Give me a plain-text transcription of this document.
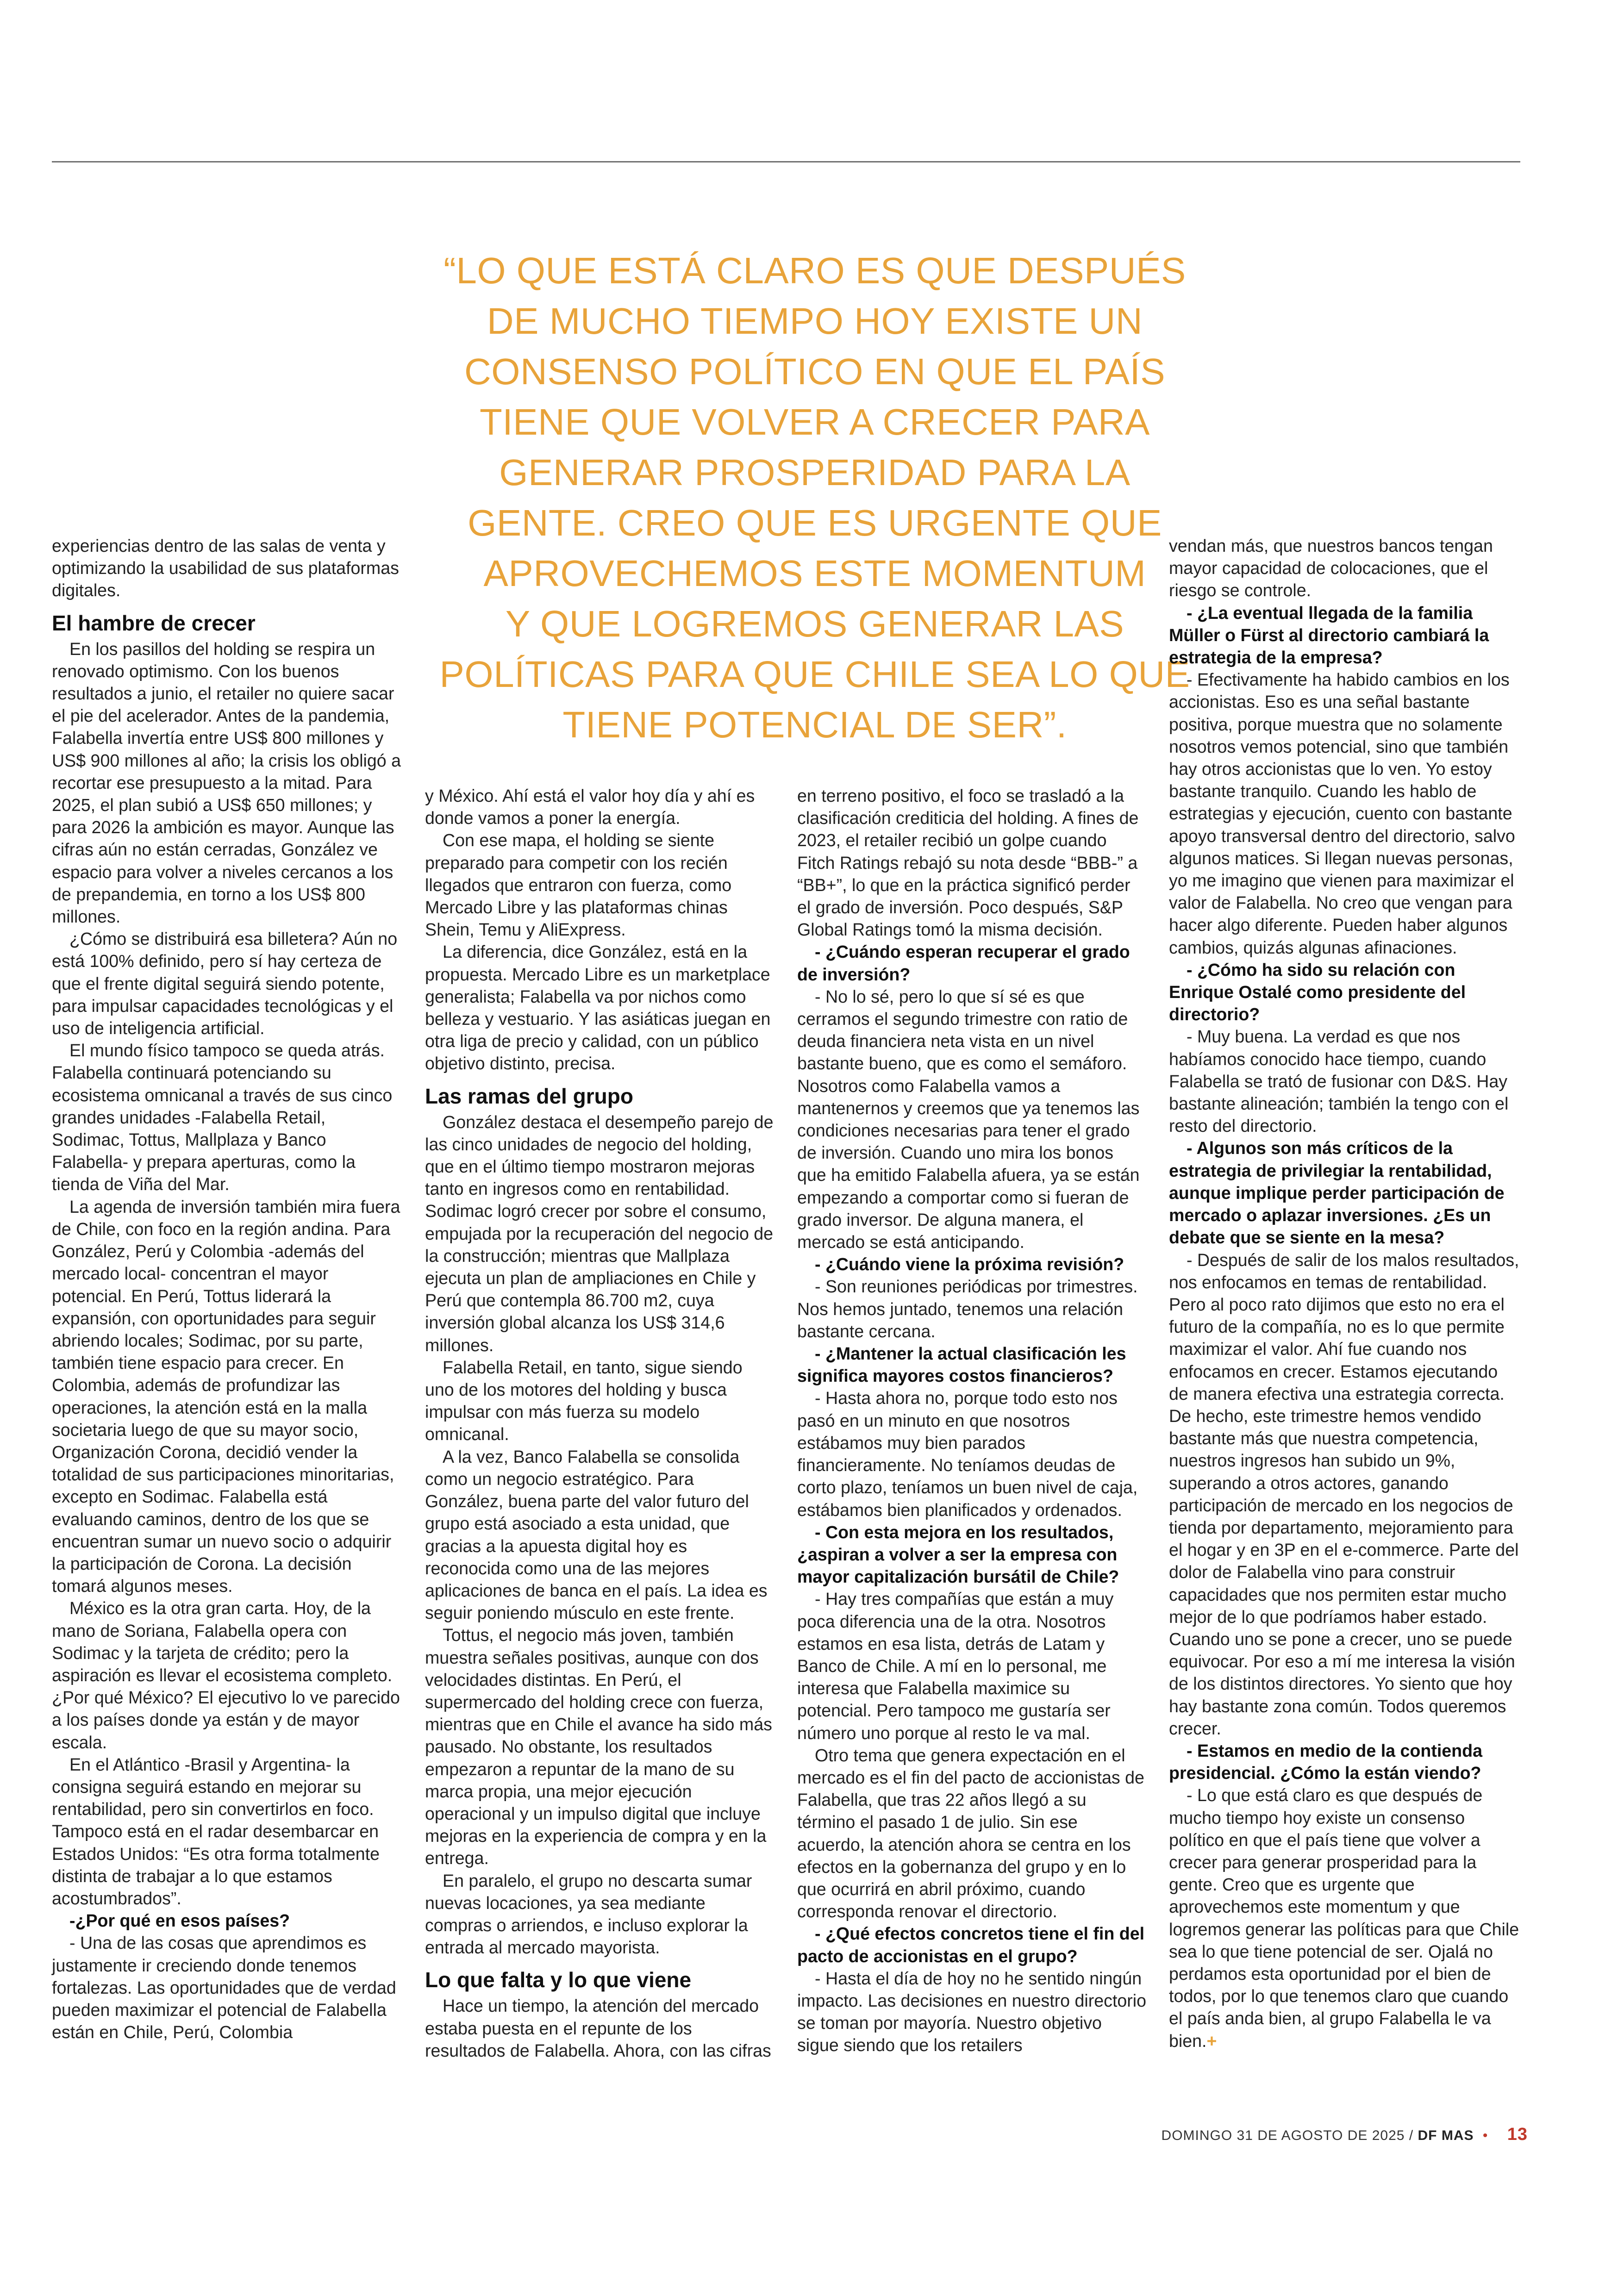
“LO QUE ESTÁ CLARO ES QUE DESPUÉS
DE MUCHO TIEMPO HOY EXISTE UN
CONSENSO POLÍTICO EN QUE EL PAÍS
TIENE QUE VOLVER A CRECER PARA
GENERAR PROSPERIDAD PARA LA
GENTE. CREO QUE ES URGENTE QUE
APROVECHEMOS ESTE MOMENTUM
Y QUE LOGREMOS GENERAR LAS
POLÍTICAS PARA QUE CHILE SEA LO QUE
TIENE POTENCIAL DE SER”.

experiencias dentro de las salas de venta y optimizando la usabilidad de sus plataformas digitales.

El hambre de crecer

En los pasillos del holding se respira un renovado optimismo. Con los buenos resultados a junio, el retailer no quiere sacar el pie del acelerador. Antes de la pandemia, Falabella invertía entre US$ 800 millones y US$ 900 millones al año; la crisis los obligó a recortar ese presupuesto a la mitad. Para 2025, el plan subió a US$ 650 millones; y para 2026 la ambición es mayor. Aunque las cifras aún no están cerradas, González ve espacio para volver a niveles cercanos a los de prepandemia, en torno a los US$ 800 millones.

¿Cómo se distribuirá esa billetera? Aún no está 100% definido, pero sí hay certeza de que el frente digital seguirá siendo potente, para impulsar capacidades tecnológicas y el uso de inteligencia artificial.

El mundo físico tampoco se queda atrás. Falabella continuará potenciando su ecosistema omnicanal a través de sus cinco grandes unidades -Falabella Retail, Sodimac, Tottus, Mallplaza y Banco Falabella- y prepara aperturas, como la tienda de Viña del Mar.

La agenda de inversión también mira fuera de Chile, con foco en la región andina. Para González, Perú y Colombia -además del mercado local- concentran el mayor potencial. En Perú, Tottus liderará la expansión, con oportunidades para seguir abriendo locales; Sodimac, por su parte, también tiene espacio para crecer. En Colombia, además de profundizar las operaciones, la atención está en la malla societaria luego de que su mayor socio, Organización Corona, decidió vender la totalidad de sus participaciones minoritarias, excepto en Sodimac. Falabella está evaluando caminos, dentro de los que se encuentran sumar un nuevo socio o adquirir la participación de Corona. La decisión tomará algunos meses.

México es la otra gran carta. Hoy, de la mano de Soriana, Falabella opera con Sodimac y la tarjeta de crédito; pero la aspiración es llevar el ecosistema completo. ¿Por qué México? El ejecutivo lo ve parecido a los países donde ya están y de mayor escala.

En el Atlántico -Brasil y Argentina- la consigna seguirá estando en mejorar su rentabilidad, pero sin convertirlos en foco. Tampoco está en el radar desembarcar en Estados Unidos: “Es otra forma totalmente distinta de trabajar a lo que estamos acostumbrados”.

-¿Por qué en esos países?

- Una de las cosas que aprendimos es justamente ir creciendo donde tenemos fortalezas. Las oportunidades que de verdad pueden maximizar el potencial de Falabella están en Chile, Perú, Colombia

y México. Ahí está el valor hoy día y ahí es donde vamos a poner la energía.

Con ese mapa, el holding se siente preparado para competir con los recién llegados que entraron con fuerza, como Mercado Libre y las plataformas chinas Shein, Temu y AliExpress.

La diferencia, dice González, está en la propuesta. Mercado Libre es un marketplace generalista; Falabella va por nichos como belleza y vestuario. Y las asiáticas juegan en otra liga de precio y calidad, con un público objetivo distinto, precisa.

Las ramas del grupo

González destaca el desempeño parejo de las cinco unidades de negocio del holding, que en el último tiempo mostraron mejoras tanto en ingresos como en rentabilidad. Sodimac logró crecer por sobre el consumo, empujada por la recuperación del negocio de la construcción; mientras que Mallplaza ejecuta un plan de ampliaciones en Chile y Perú que contempla 86.700 m2, cuya inversión global alcanza los US$ 314,6 millones.

Falabella Retail, en tanto, sigue siendo uno de los motores del holding y busca impulsar con más fuerza su modelo omnicanal.

A la vez, Banco Falabella se consolida como un negocio estratégico. Para González, buena parte del valor futuro del grupo está asociado a esta unidad, que gracias a la apuesta digital hoy es reconocida como una de las mejores aplicaciones de banca en el país. La idea es seguir poniendo músculo en este frente.

Tottus, el negocio más joven, también muestra señales positivas, aunque con dos velocidades distintas. En Perú, el supermercado del holding crece con fuerza, mientras que en Chile el avance ha sido más pausado. No obstante, los resultados empezaron a repuntar de la mano de su marca propia, una mejor ejecución operacional y un impulso digital que incluye mejoras en la experiencia de compra y en la entrega.

En paralelo, el grupo no descarta sumar nuevas locaciones, ya sea mediante compras o arriendos, e incluso explorar la entrada al mercado mayorista.

Lo que falta y lo que viene

Hace un tiempo, la atención del mercado estaba puesta en el repunte de los resultados de Falabella. Ahora, con las cifras

en terreno positivo, el foco se trasladó a la clasificación crediticia del holding. A fines de 2023, el retailer recibió un golpe cuando Fitch Ratings rebajó su nota desde “BBB-” a “BB+”, lo que en la práctica significó perder el grado de inversión. Poco después, S&P Global Ratings tomó la misma decisión.

- ¿Cuándo esperan recuperar el grado de inversión?

- No lo sé, pero lo que sí sé es que cerramos el segundo trimestre con ratio de deuda financiera neta vista en un nivel bastante bueno, que es como el semáforo. Nosotros como Falabella vamos a mantenernos y creemos que ya tenemos las condiciones necesarias para tener el grado de inversión. Cuando uno mira los bonos que ha emitido Falabella afuera, ya se están empezando a comportar como si fueran de grado inversor. De alguna manera, el mercado se está anticipando.

- ¿Cuándo viene la próxima revisión?

- Son reuniones periódicas por trimestres. Nos hemos juntado, tenemos una relación bastante cercana.

- ¿Mantener la actual clasificación les significa mayores costos financieros?

- Hasta ahora no, porque todo esto nos pasó en un minuto en que nosotros estábamos muy bien parados financieramente. No teníamos deudas de corto plazo, teníamos un buen nivel de caja, estábamos bien planificados y ordenados.

- Con esta mejora en los resultados, ¿aspiran a volver a ser la empresa con mayor capitalización bursátil de Chile?

- Hay tres compañías que están a muy poca diferencia una de la otra. Nosotros estamos en esa lista, detrás de Latam y Banco de Chile. A mí en lo personal, me interesa que Falabella maximice su potencial. Pero tampoco me gustaría ser número uno porque al resto le va mal.

Otro tema que genera expectación en el mercado es el fin del pacto de accionistas de Falabella, que tras 22 años llegó a su término el pasado 1 de julio. Sin ese acuerdo, la atención ahora se centra en los efectos en la gobernanza del grupo y en lo que ocurrirá en abril próximo, cuando corresponda renovar el directorio.

- ¿Qué efectos concretos tiene el fin del pacto de accionistas en el grupo?

- Hasta el día de hoy no he sentido ningún impacto. Las decisiones en nuestro directorio se toman por mayoría. Nuestro objetivo sigue siendo que los retailers

vendan más, que nuestros bancos tengan mayor capacidad de colocaciones, que el riesgo se controle.

- ¿La eventual llegada de la familia Müller o Fürst al directorio cambiará la estrategia de la empresa?

- Efectivamente ha habido cambios en los accionistas. Eso es una señal bastante positiva, porque muestra que no solamente nosotros vemos potencial, sino que también hay otros accionistas que lo ven. Yo estoy bastante tranquilo. Cuando les hablo de estrategias y ejecución, cuento con bastante apoyo transversal dentro del directorio, salvo algunos matices. Si llegan nuevas personas, yo me imagino que vienen para maximizar el valor de Falabella. No creo que vengan para hacer algo diferente. Pueden haber algunos cambios, quizás algunas afinaciones.

- ¿Cómo ha sido su relación con Enrique Ostalé como presidente del directorio?

- Muy buena. La verdad es que nos habíamos conocido hace tiempo, cuando Falabella se trató de fusionar con D&S. Hay bastante alineación; también la tengo con el resto del directorio.

- Algunos son más críticos de la estrategia de privilegiar la rentabilidad, aunque implique perder participación de mercado o aplazar inversiones. ¿Es un debate que se siente en la mesa?

- Después de salir de los malos resultados, nos enfocamos en temas de rentabilidad. Pero al poco rato dijimos que esto no era el futuro de la compañía, no es lo que permite maximizar el valor. Ahí fue cuando nos enfocamos en crecer. Estamos ejecutando de manera efectiva una estrategia correcta. De hecho, este trimestre hemos vendido bastante más que nuestra competencia, nuestros ingresos han subido un 9%, superando a otros actores, ganando participación de mercado en los negocios de tienda por departamento, mejoramiento para el hogar y en 3P en el e-commerce. Parte del dolor de Falabella vino para construir capacidades que nos permiten estar mucho mejor de lo que podríamos haber estado. Cuando uno se pone a crecer, uno se puede equivocar. Por eso a mí me interesa la visión de los distintos directores. Yo siento que hoy hay bastante zona común. Todos queremos crecer.

- Estamos en medio de la contienda presidencial. ¿Cómo la están viendo?

- Lo que está claro es que después de mucho tiempo hoy existe un consenso político en que el país tiene que volver a crecer para generar prosperidad para la gente. Creo que es urgente que aprovechemos este momentum y que logremos generar las políticas para que Chile sea lo que tiene potencial de ser. Ojalá no perdamos esta oportunidad por el bien de todos, por lo que tenemos claro que cuando el país anda bien, al grupo Falabella le va bien.+

DOMINGO 31 DE AGOSTO DE 2025 / DF MAS • 13
